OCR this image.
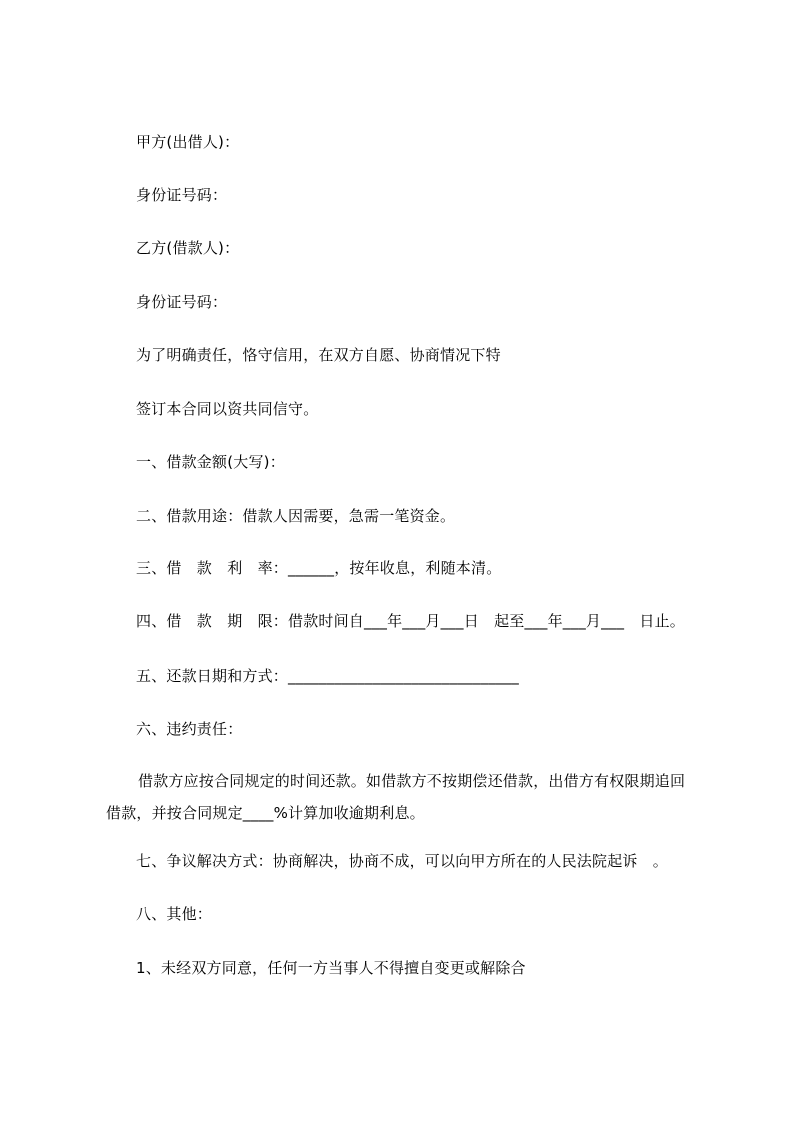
甲方(出借人)：
身份证号码：
乙方(借款人)：
身份证号码：
为了明确责任，恪守信用，在双方自愿、协商情况下特
签订本合同以资共同信守。
一、借款金额(大写)：
二、借款用途：借款人因需要，急需一笔资金。
三、借　款　利　率：______，按年收息，利随本清。
四、借　款　期　限：借款时间自___年___月___日　起至___年___月___　日止。
五、还款日期和方式：______________________________
六、违约责任：
借款方应按合同规定的时间还款。如借款方不按期偿还借款，出借方有权限期追回借款，并按合同规定____%计算加收逾期利息。
七、争议解决方式：协商解决，协商不成，可以向甲方所在的人民法院起诉　。
八、其他：
1、未经双方同意，任何一方当事人不得擅自变更或解除合
